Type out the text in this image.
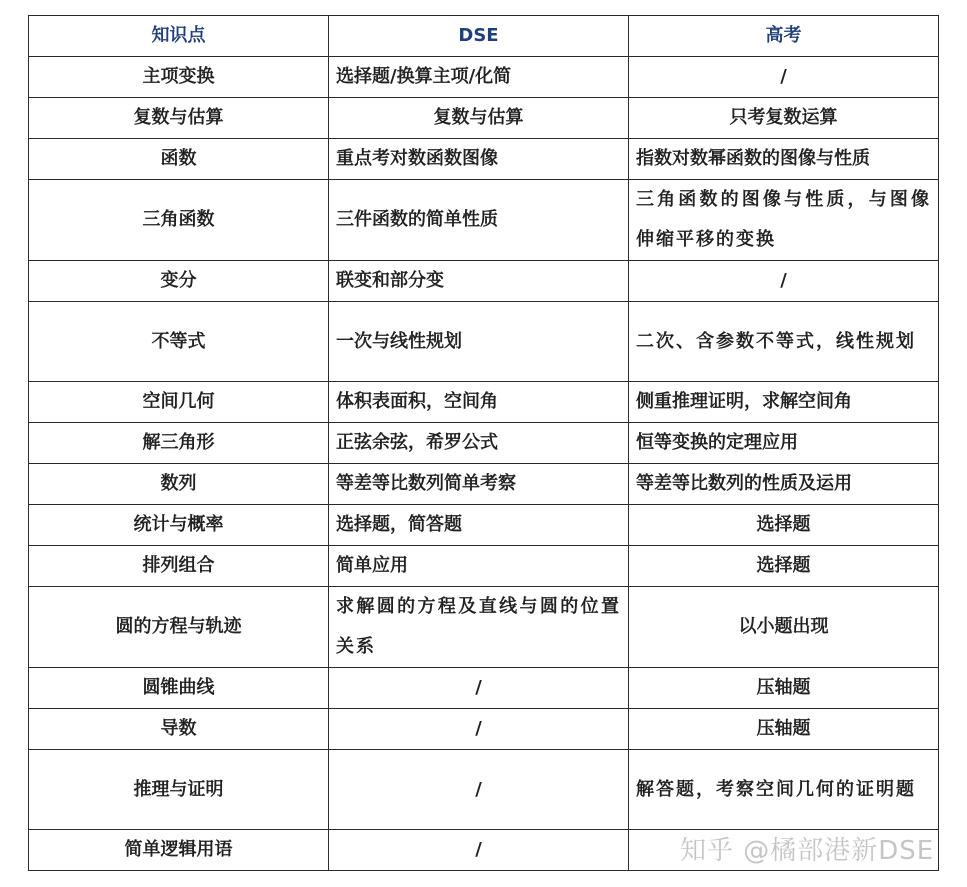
知识点	DSE	高考
主项变换	选择题/换算主项/化简	/
复数与估算	复数与估算	只考复数运算
函数	重点考对数函数图像	指数对数幂函数的图像与性质
三角函数	三件函数的简单性质	三角函数的图像与性质，与图像伸缩平移的变换
变分	联变和部分变	/
不等式	一次与线性规划	二次、含参数不等式，线性规划
空间几何	体积表面积，空间角	侧重推理证明，求解空间角
解三角形	正弦余弦，希罗公式	恒等变换的定理应用
数列	等差等比数列简单考察	等差等比数列的性质及运用
统计与概率	选择题，简答题	选择题
排列组合	简单应用	选择题
圆的方程与轨迹	求解圆的方程及直线与圆的位置关系	以小题出现
圆锥曲线	/	压轴题
导数	/	压轴题
推理与证明	/	解答题，考察空间几何的证明题
简单逻辑用语	/		知乎 @橘部港新DSE
